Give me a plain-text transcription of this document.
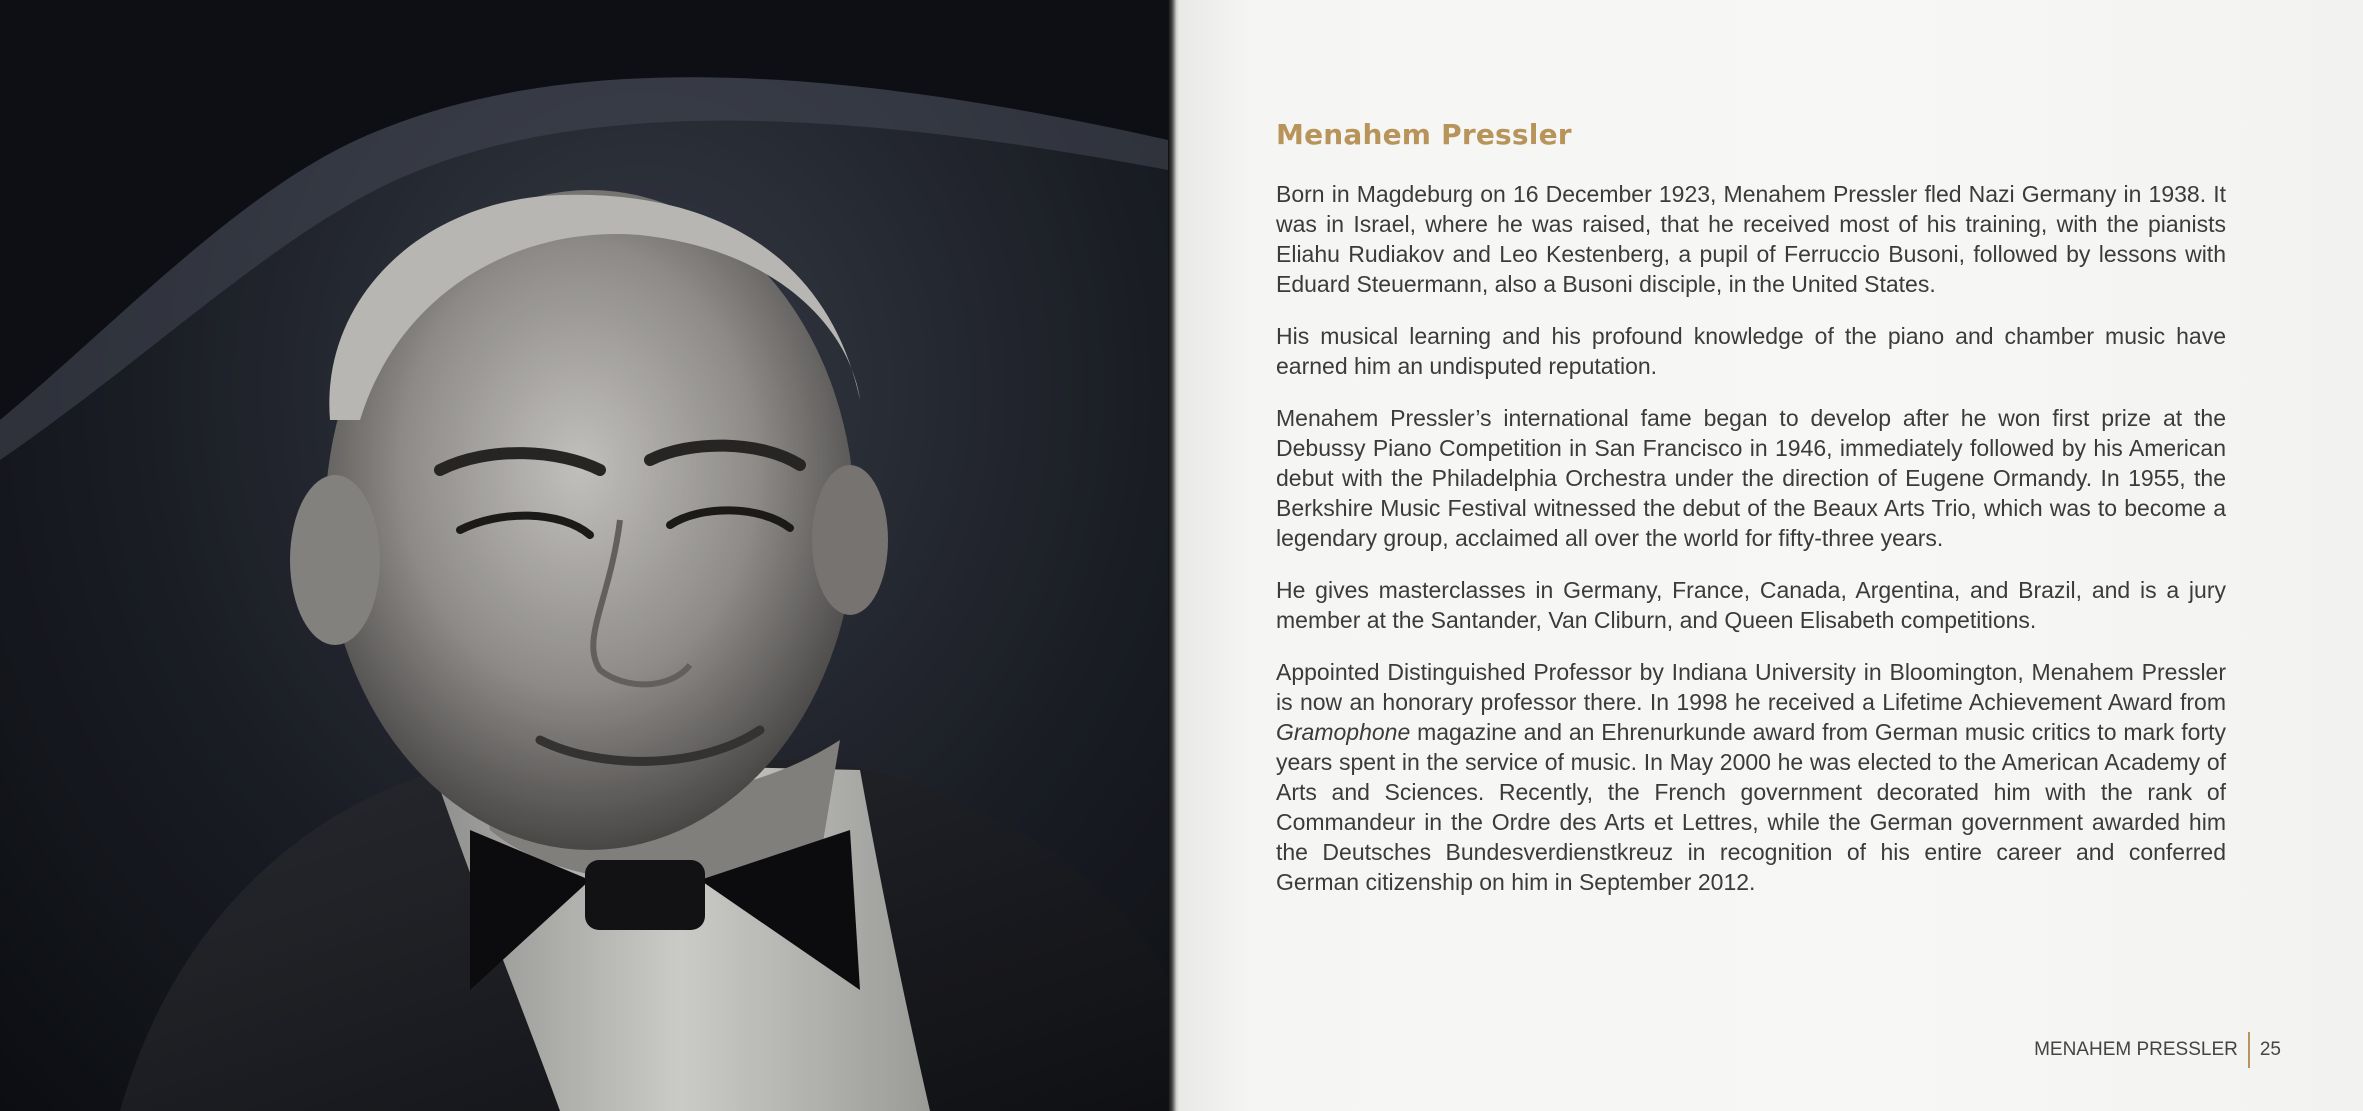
Menahem Pressler

Born in Magdeburg on 16 December 1923, Menahem Pressler fled Nazi Germany in 1938. It was in Israel, where he was raised, that he received most of his training, with the pianists Eliahu Rudiakov and Leo Kestenberg, a pupil of Ferruccio Busoni, followed by lessons with Eduard Steuermann, also a Busoni disciple, in the United States.

His musical learning and his profound knowledge of the piano and chamber music have earned him an undisputed reputation.

Menahem Pressler’s international fame began to develop after he won first prize at the Debussy Piano Competition in San Francisco in 1946, immediately followed by his American debut with the Philadelphia Orchestra under the direction of Eugene Ormandy. In 1955, the Berkshire Music Festival witnessed the debut of the Beaux Arts Trio, which was to become a legendary group, acclaimed all over the world for fifty-three years.

He gives masterclasses in Germany, France, Canada, Argentina, and Brazil, and is a jury member at the Santander, Van Cliburn, and Queen Elisabeth competitions.

Appointed Distinguished Professor by Indiana University in Bloomington, Menahem Pressler is now an honorary professor there. In 1998 he received a Lifetime Achievement Award from Gramophone magazine and an Ehrenurkunde award from German music critics to mark forty years spent in the service of music. In May 2000 he was elected to the American Academy of Arts and Sciences. Recently, the French government decorated him with the rank of Commandeur in the Ordre des Arts et Lettres, while the German government awarded him the Deutsches Bundesverdienstkreuz in recognition of his entire career and conferred German citizenship on him in September 2012.

MENAHEM PRESSLER 25
